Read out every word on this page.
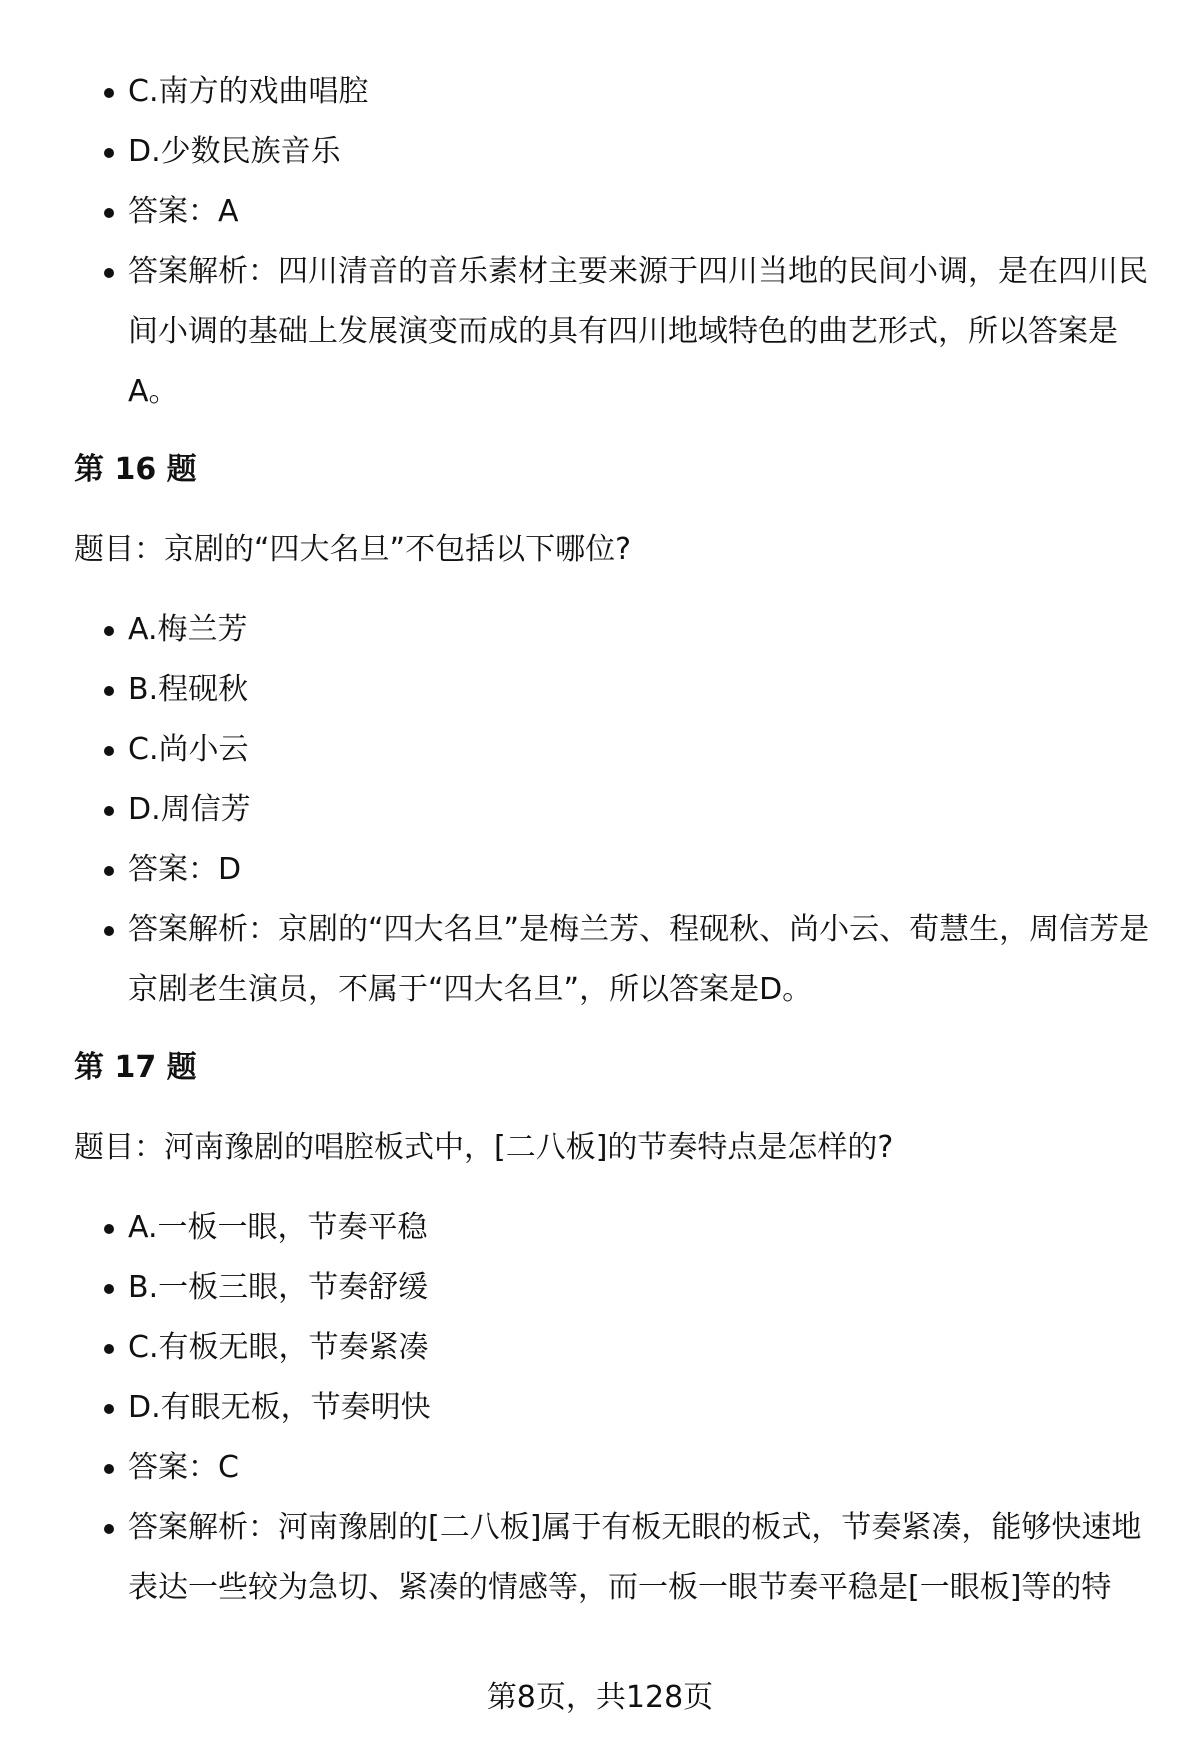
C.南方的戏曲唱腔
D.少数民族音乐
答案：A
答案解析：四川清音的音乐素材主要来源于四川当地的民间小调，是在四川民间小调的基础上发展演变而成的具有四川地域特色的曲艺形式，所以答案是A。

第 16 题

题目：京剧的“四大名旦”不包括以下哪位?

A.梅兰芳
B.程砚秋
C.尚小云
D.周信芳
答案：D
答案解析：京剧的“四大名旦”是梅兰芳、程砚秋、尚小云、荀慧生，周信芳是京剧老生演员，不属于“四大名旦”，所以答案是D。

第 17 题

题目：河南豫剧的唱腔板式中，[二八板]的节奏特点是怎样的?

A.一板一眼，节奏平稳
B.一板三眼，节奏舒缓
C.有板无眼，节奏紧凑
D.有眼无板，节奏明快
答案：C
答案解析：河南豫剧的[二八板]属于有板无眼的板式，节奏紧凑，能够快速地表达一些较为急切、紧凑的情感等，而一板一眼节奏平稳是[一眼板]等的特
第8页，共128页
